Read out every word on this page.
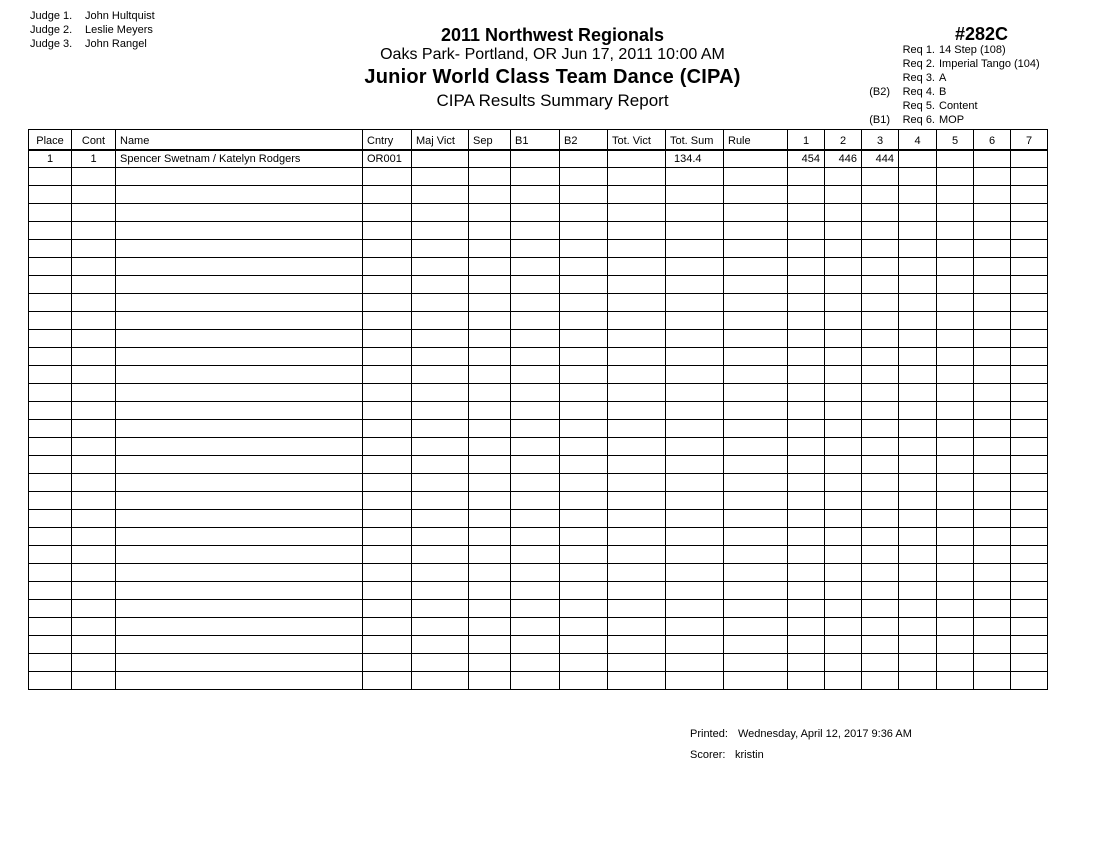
Judge 1. John Hultquist
Judge 2. Leslie Meyers
Judge 3. John Rangel	2011 Northwest Regionals
Oaks Park- Portland, OR Jun 17, 2011 10:00 AM
Junior World Class Team Dance (CIPA)
CIPA Results Summary Report
#282C
Req 1. 14 Step (108)
Req 2. Imperial Tango (104)
Req 3. A
(B2) Req 4. B
Req 5. Content
(B1) Req 6. MOP
Place	Cont	Name	Cntry	Maj Vict	Sep	B1	B2	Tot. Vict	Tot. Sum	Rule	1	2	3	4	5	6	7
1	1	Spencer Swetnam / Katelyn Rodgers	OR001						134.4		454	446	444				

Printed: Wednesday, April 12, 2017 9:36 AM
Scorer: kristin
